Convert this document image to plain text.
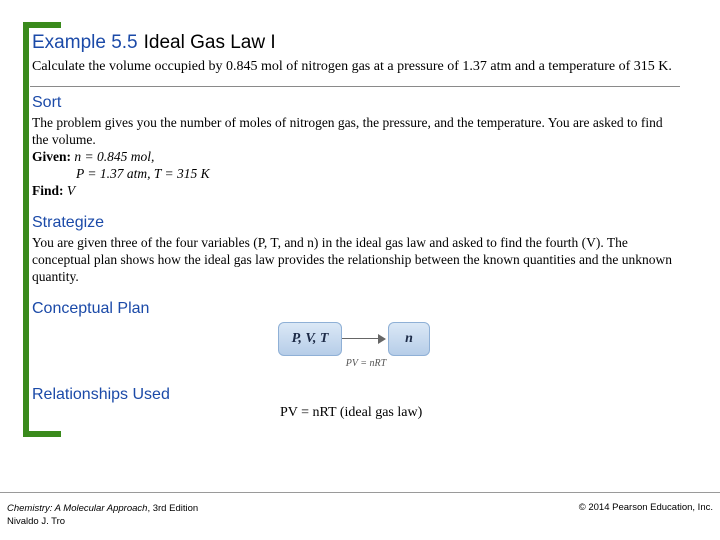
Example 5.5 Ideal Gas Law I
Calculate the volume occupied by 0.845 mol of nitrogen gas at a pressure of 1.37 atm and a temperature of 315 K.
Sort
The problem gives you the number of moles of nitrogen gas, the pressure, and the temperature. You are asked to find the volume.
Given: n = 0.845 mol,
P = 1.37 atm, T = 315 K
Find: V
Strategize
You are given three of the four variables (P, T, and n) in the ideal gas law and asked to find the fourth (V). The conceptual plan shows how the ideal gas law provides the relationship between the known quantities and the unknown quantity.
Conceptual Plan
P, V, T	n
PV = nRT
Relationships Used
PV = nRT (ideal gas law)
Chemistry: A Molecular Approach, 3rd Edition
Nivaldo J. Tro
© 2014 Pearson Education, Inc.
